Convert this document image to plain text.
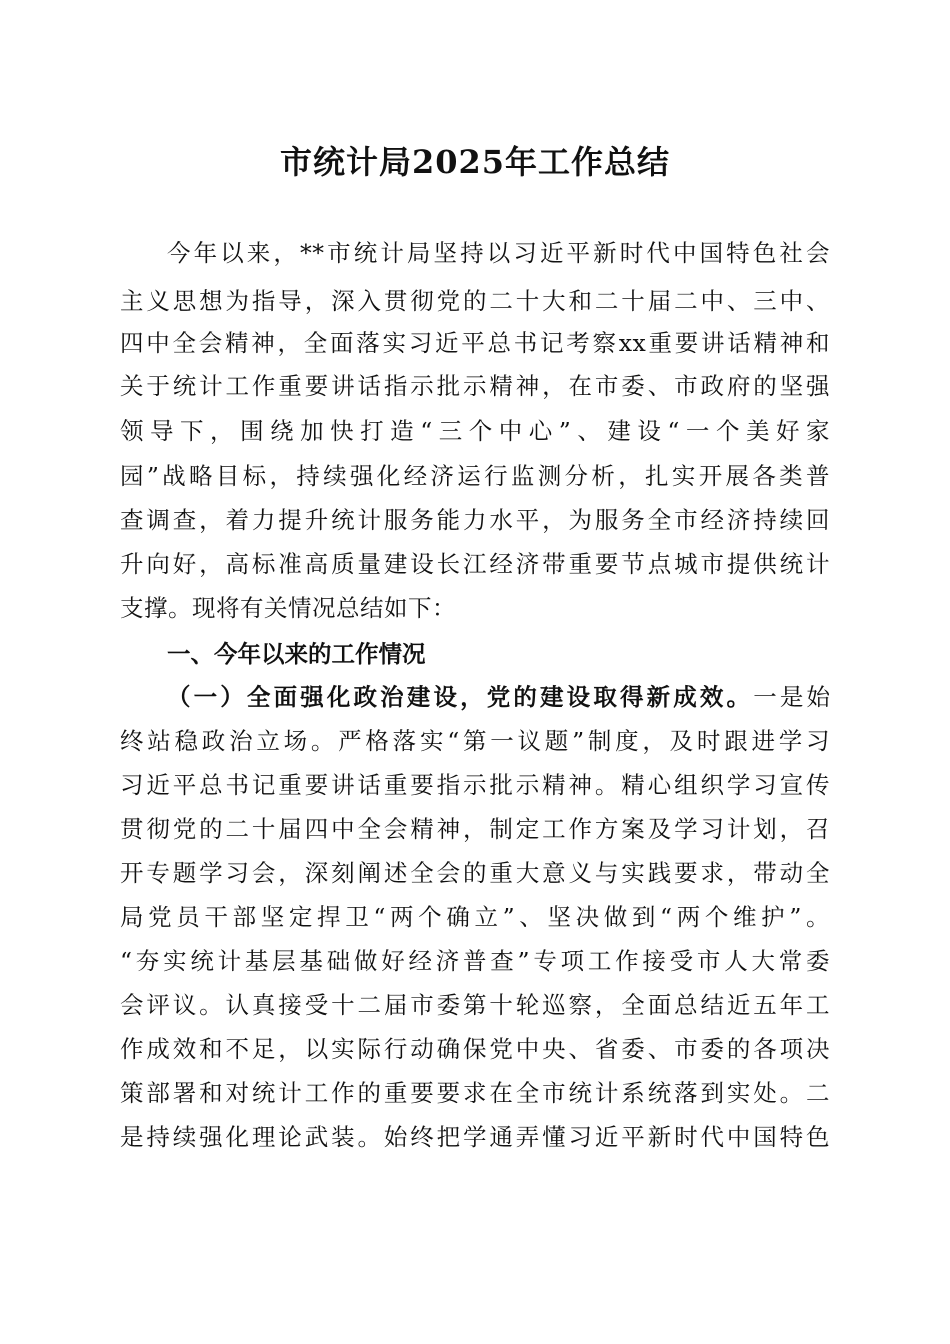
市统计局2025年工作总结
今年以来，**市统计局坚持以习近平新时代中国特色社会
主义思想为指导，深入贯彻党的二十大和二十届二中、三中、
四中全会精神，全面落实习近平总书记考察xx重要讲话精神和
关于统计工作重要讲话指示批示精神，在市委、市政府的坚强
领导下，围绕加快打造“三个中心”、建设“一个美好家
园”战略目标，持续强化经济运行监测分析，扎实开展各类普
查调查，着力提升统计服务能力水平，为服务全市经济持续回
升向好，高标准高质量建设长江经济带重要节点城市提供统计
支撑。现将有关情况总结如下：
一、今年以来的工作情况
（一）全面强化政治建设，党的建设取得新成效。一是始
终站稳政治立场。严格落实“第一议题”制度，及时跟进学习
习近平总书记重要讲话重要指示批示精神。精心组织学习宣传
贯彻党的二十届四中全会精神，制定工作方案及学习计划，召
开专题学习会，深刻阐述全会的重大意义与实践要求，带动全
局党员干部坚定捍卫“两个确立”、坚决做到“两个维护”。
“夯实统计基层基础做好经济普查”专项工作接受市人大常委
会评议。认真接受十二届市委第十轮巡察，全面总结近五年工
作成效和不足，以实际行动确保党中央、省委、市委的各项决
策部署和对统计工作的重要要求在全市统计系统落到实处。二
是持续强化理论武装。始终把学通弄懂习近平新时代中国特色
